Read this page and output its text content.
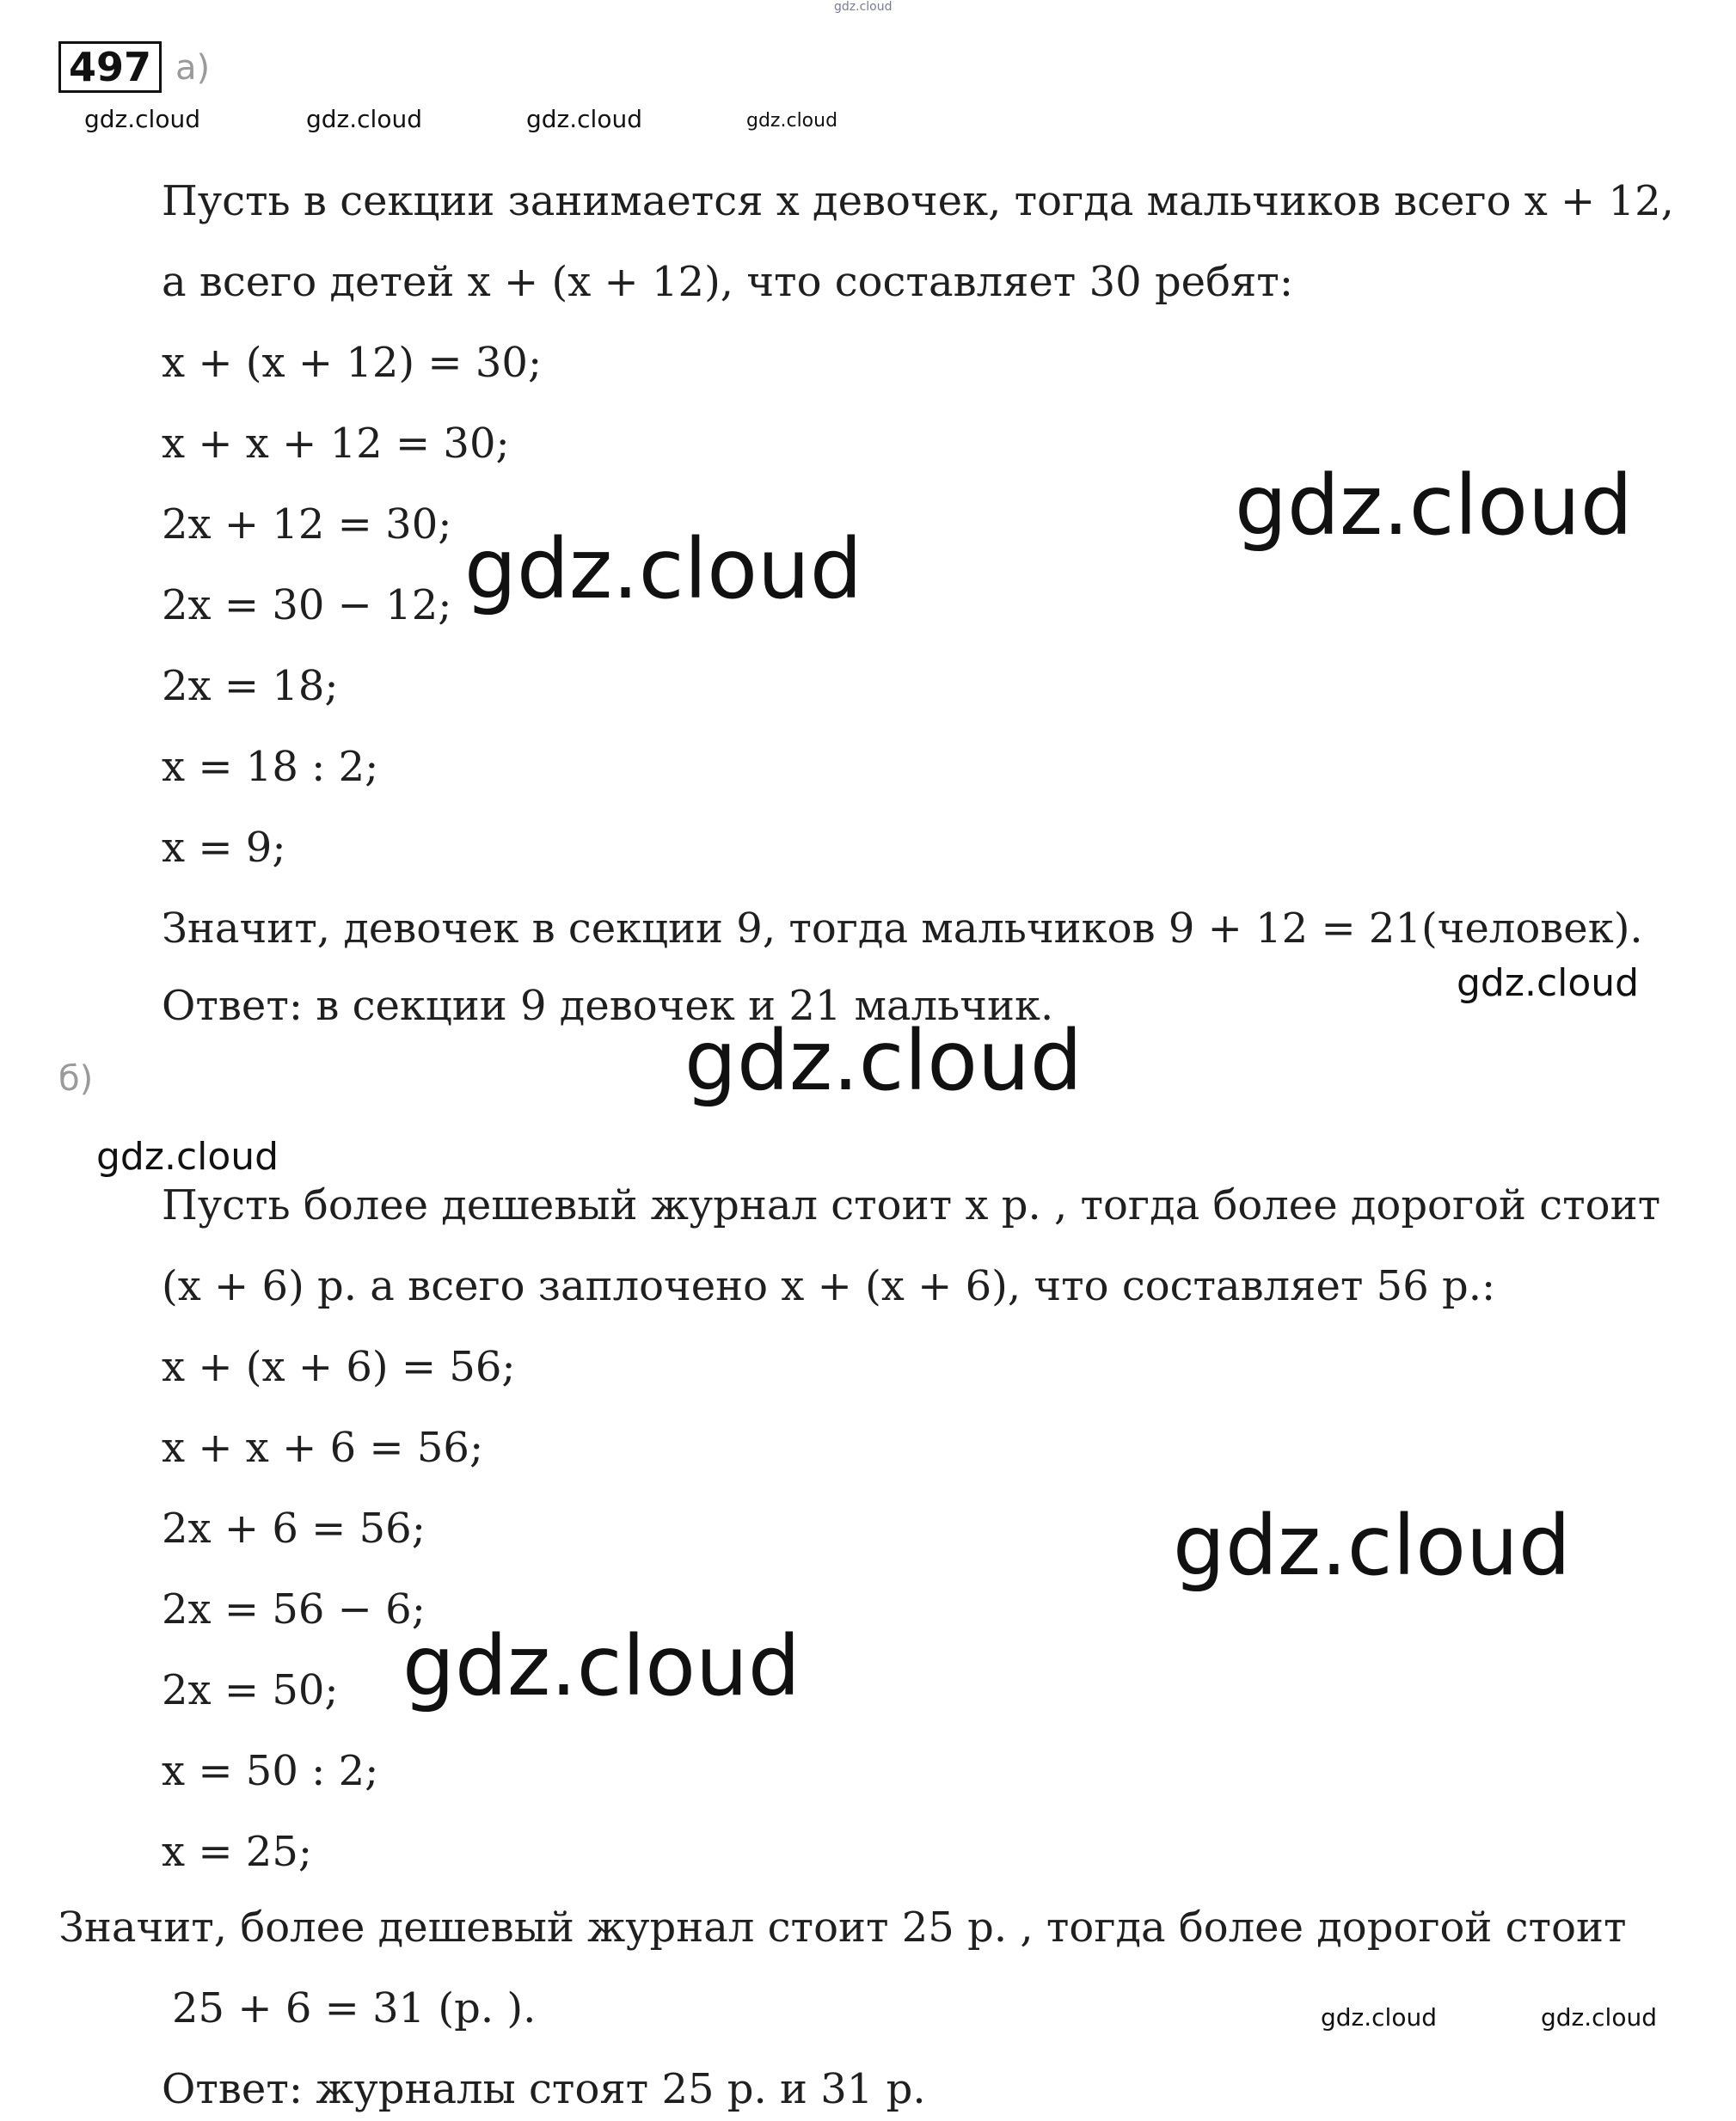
gdz.cloud
497 а)
gdz.cloud	gdz.cloud	gdz.cloud	gdz.cloud
Пусть в секции занимается x девочек, тогда мальчиков всего x + 12,
а всего детей x + (x + 12), что составляет 30 ребят:
x + (x + 12) = 30;
x + x + 12 = 30;
2x + 12 = 30;
2x = 30 − 12;
2x = 18;
x = 18 : 2;
x = 9;
Значит, девочек в секции 9, тогда мальчиков 9 + 12 = 21(человек).
Ответ: в секции 9 девочек и 21 мальчик.
gdz.cloud
gdz.cloud
gdz.cloud
gdz.cloud
б)
gdz.cloud
Пусть более дешевый журнал стоит x р. , тогда более дорогой стоит
(x + 6) р. а всего заплочено x + (x + 6), что составляет 56 р.:
x + (x + 6) = 56;
x + x + 6 = 56;
2x + 6 = 56;
2x = 56 − 6;
2x = 50;
x = 50 : 2;
x = 25;
Значит, более дешевый журнал стоит 25 р. , тогда более дорогой стоит
25 + 6 = 31 (р. ).
Ответ: журналы стоят 25 р. и 31 р.
gdz.cloud
gdz.cloud
gdz.cloud	gdz.cloud
